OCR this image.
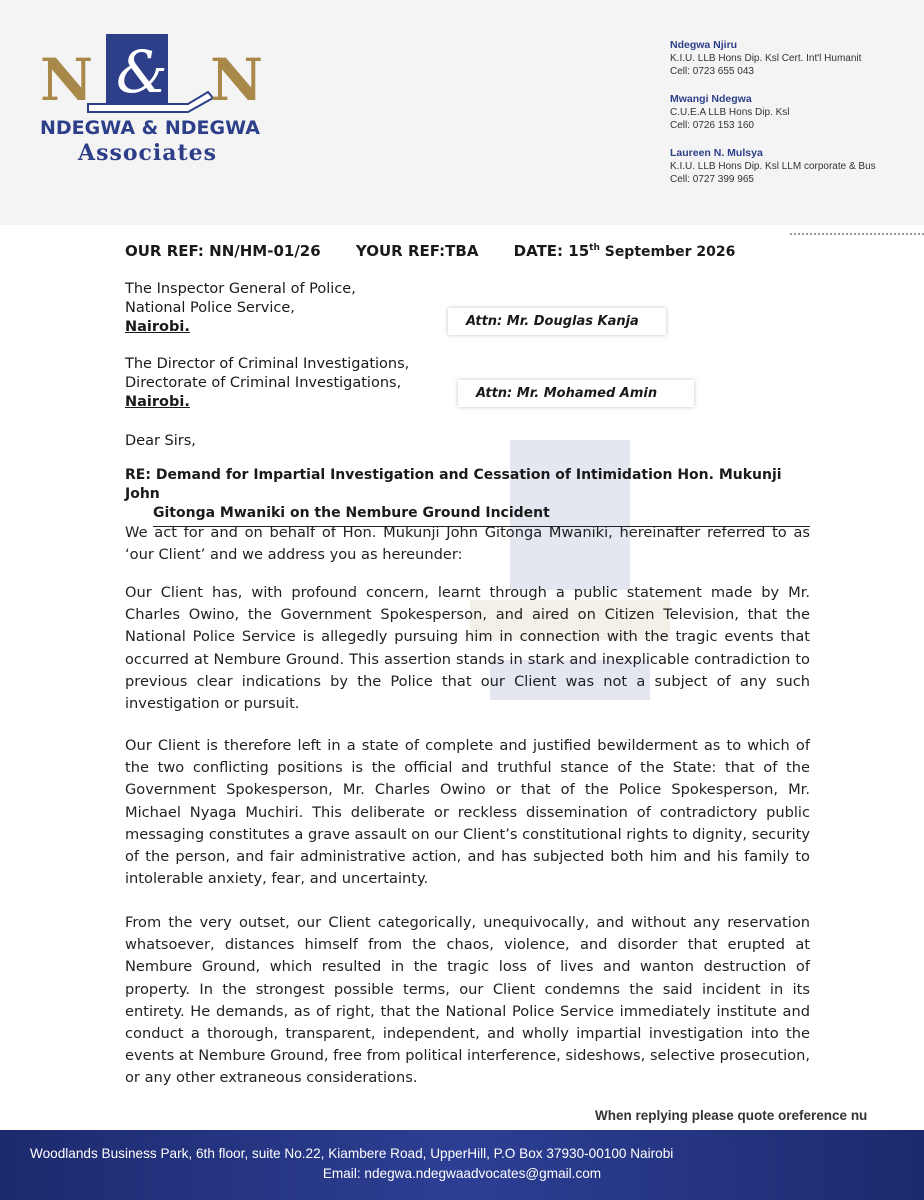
N & N
NDEGWA & NDEGWA
Associates
Ndegwa Njiru
K.I.U. LLB Hons Dip. Ksl Cert. Int'l Humanit
Cell: 0723 655 043
Mwangi Ndegwa
C.U.E.A LLB Hons Dip. Ksl
Cell: 0726 153 160
Laureen N. Mulsya
K.I.U. LLB Hons Dip. Ksl LLM corporate & Bus
Cell: 0727 399 965
OUR REF: NN/HM-01/26 YOUR REF:TBA DATE: 15th September 2026
The Inspector General of Police,
National Police Service,
Nairobi.	Attn: Mr. Douglas Kanja
The Director of Criminal Investigations,
Directorate of Criminal Investigations,
Nairobi.
Attn: Mr. Mohamed Amin
Dear Sirs,
RE: Demand for Impartial Investigation and Cessation of Intimidation Hon. Mukunji John
Gitonga Mwaniki on the Nembure Ground Incident
We act for and on behalf of Hon. Mukunji John Gitonga Mwaniki, hereinafter referred to as ‘our Client’ and we address you as hereunder:
Our Client has, with profound concern, learnt through a public statement made by Mr. Charles Owino, the Government Spokesperson, and aired on Citizen Television, that the National Police Service is allegedly pursuing him in connection with the tragic events that occurred at Nembure Ground. This assertion stands in stark and inexplicable contradiction to previous clear indications by the Police that our Client was not a subject of any such investigation or pursuit.
Our Client is therefore left in a state of complete and justified bewilderment as to which of the two conflicting positions is the official and truthful stance of the State: that of the Government Spokesperson, Mr. Charles Owino or that of the Police Spokesperson, Mr. Michael Nyaga Muchiri. This deliberate or reckless dissemination of contradictory public messaging constitutes a grave assault on our Client’s constitutional rights to dignity, security of the person, and fair administrative action, and has subjected both him and his family to intolerable anxiety, fear, and uncertainty.
From the very outset, our Client categorically, unequivocally, and without any reservation whatsoever, distances himself from the chaos, violence, and disorder that erupted at Nembure Ground, which resulted in the tragic loss of lives and wanton destruction of property. In the strongest possible terms, our Client condemns the said incident in its entirety. He demands, as of right, that the National Police Service immediately institute and conduct a thorough, transparent, independent, and wholly impartial investigation into the events at Nembure Ground, free from political interference, sideshows, selective prosecution, or any other extraneous considerations.
When replying please quote oreference nu
Woodlands Business Park, 6th floor, suite No.22, Kiambere Road, UpperHill, P.O Box 37930-00100 Nairobi
Email: ndegwa.ndegwaadvocates@gmail.com
